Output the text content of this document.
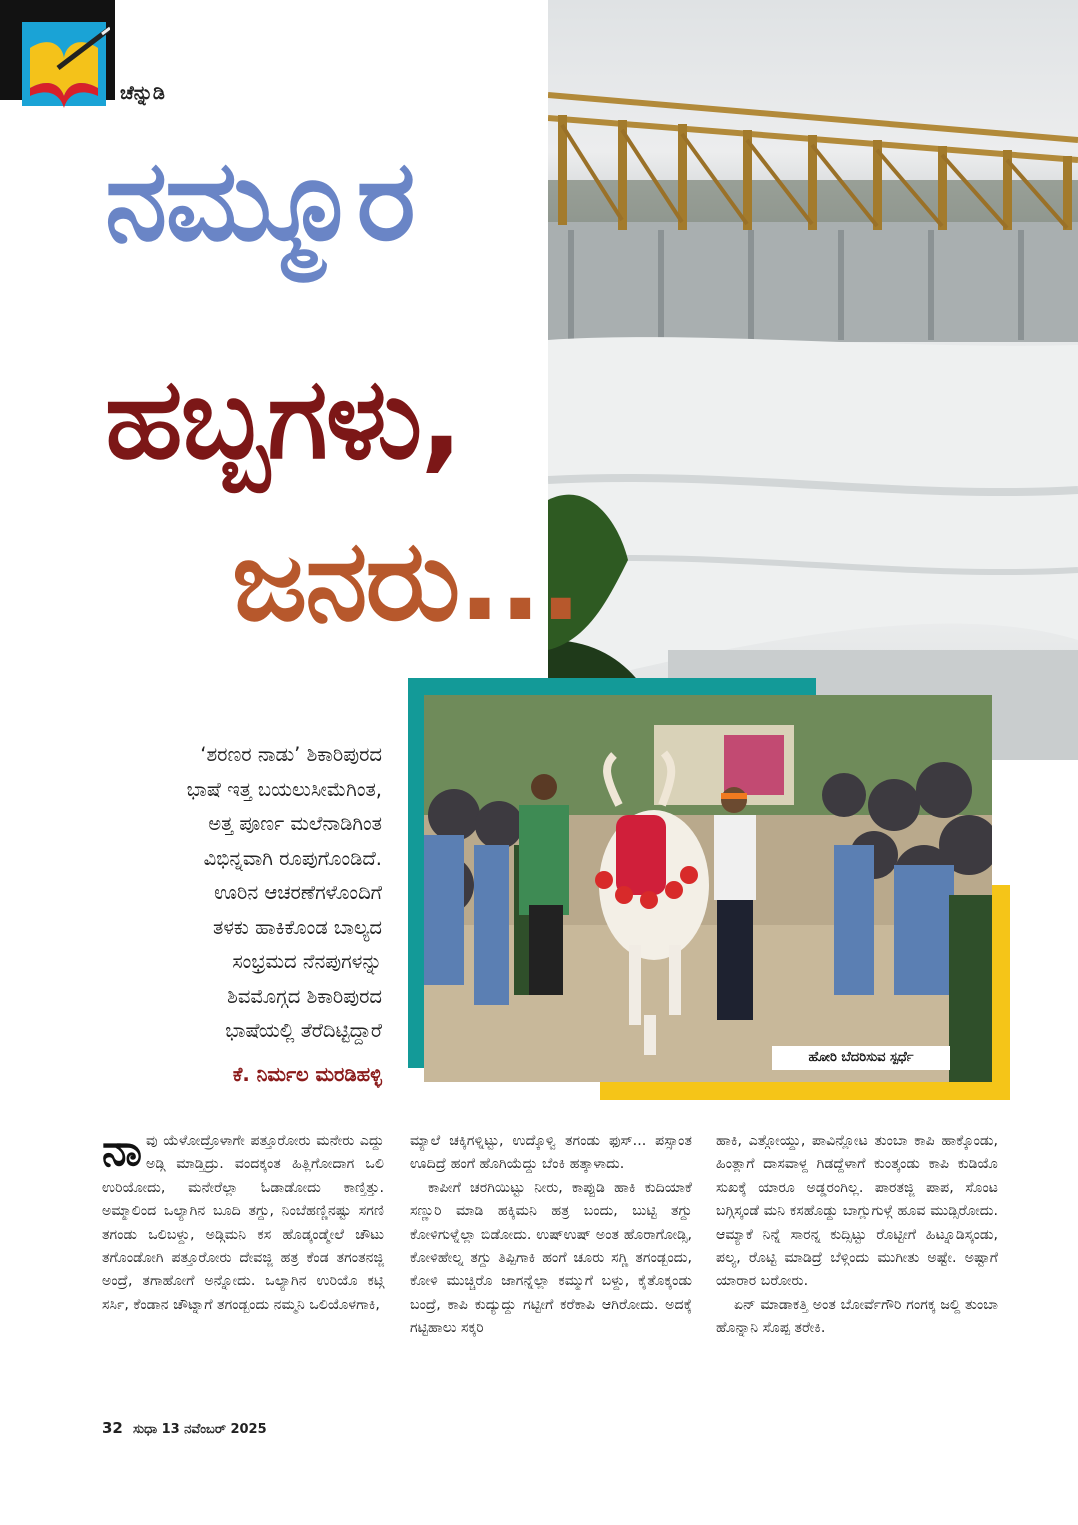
ಚೆನ್ನುಡಿ
ನಮ್ಮೂರ
ಹಬ್ಬಗಳು,
ಜನರು...
ಹೋರಿ ಬೆದರಿಸುವ ಸ್ಪರ್ಧೆ
‘ಶರಣರ ನಾಡು’ ಶಿಕಾರಿಪುರದ
ಭಾಷೆ ಇತ್ತ ಬಯಲುಸೀಮೆಗಿಂತ,
ಅತ್ತ ಪೂರ್ಣ ಮಲೆನಾಡಿಗಿಂತ
ವಿಭಿನ್ನವಾಗಿ ರೂಪುಗೊಂಡಿದೆ.
ಊರಿನ ಆಚರಣೆಗಳೊಂದಿಗೆ
ತಳಕು ಹಾಕಿಕೊಂಡ ಬಾಲ್ಯದ
ಸಂಭ್ರಮದ ನೆನಪುಗಳನ್ನು
ಶಿವಮೊಗ್ಗದ ಶಿಕಾರಿಪುರದ
ಭಾಷೆಯಲ್ಲಿ ತೆರೆದಿಟ್ಟಿದ್ದಾರೆ
ಕೆ. ನಿರ್ಮಲ ಮರಡಿಹಳ್ಳಿ

ನಾವು ಯೆಳೋದ್ರೊಳಾಗೇ ಪತ್ತೂರೋರು ಮನೇರು ಎದ್ದು ಅಡ್ಗಿ ಮಾಡ್ತಿದ್ರು. ವಂದಕ್ಕಂತ ಹಿತ್ಲಿಗೋದಾಗ ಒಲಿ ಉರಿಯೋದು, ಮನೇರೆಲ್ಲಾ ಓಡಾಡೋದು ಕಾಣ್ತಿತ್ತು. ಅಮ್ಮಾಲಿಂದ ಒಲ್ಯಾಗಿನ ಬೂದಿ ತಗ್ದು, ನಿಂಬೆಹಣ್ಣಿನಷ್ಟು ಸಗಣಿ ತಗಂಡು ಒಲಿಬಳ್ದು, ಅಡ್ಗಿಮನಿ ಕಸ ಹೊಡ್ಕಂಡ್ಮೇಲೆ ಚೌಟು ತಗೊಂಡೋಗಿ ಪತ್ತೂರೋರು ದೇವಜ್ಜಿ ಹತ್ರ ಕೆಂಡ ತಗಂತನಜ್ಜಿ ಅಂದ್ರೆ, ತಗಾಹೋಗೆ ಅನ್ನೋದು. ಒಲ್ಯಾಗಿನ ಉರಿಯೊ ಕಟ್ಗಿ ಸರ್ಸಿ, ಕೆಂಡಾನ ಚೌಟ್ನಾಗೆ ತಗಂಡ್ಬಂದು ನಮ್ಮನಿ ಒಲಿಯೊಳಗಾಕಿ,

ಮ್ಯಾಲೆ ಚಕ್ಕಿಗಳ್ನಿಟ್ಟು, ಉದ್ಕೊಳ್ವಿ ತಗಂಡು ಫುಸ್... ಪಸ್ಸಾಂತ ಊದಿದ್ರೆ ಹಂಗೆ ಹೊಗಿಯೆದ್ದು ಬೆಂಕಿ ಹತ್ಕಾಳಾದು.

ಕಾಪೀಗೆ ಚರಗಿಯಿಟ್ಟು ನೀರು, ಕಾಪ್ಪುಡಿ ಹಾಕಿ ಕುದಿಯಾಕೆ ಸಣ್ಣುರಿ ಮಾಡಿ ಹಕ್ಕಿಮನಿ ಹತ್ರ ಬಂದು, ಬುಟ್ಟಿ ತಗ್ದು ಕೋಳಿಗುಳ್ನೆಲ್ಲಾ ಬಿಡೋದು. ಉಷ್‌ಉಷ್ ಅಂತ ಹೊರಾಗೋಡ್ಸಿ, ಕೋಳಿಹೇಲ್ನ ತಗ್ದು ತಿಪ್ಪಿಗಾಕಿ ಹಂಗೆ ಚೂರು ಸಗ್ಣಿ ತಗಂಡ್ಬಂದು, ಕೋಳಿ ಮುಚ್ಚಿರೊ ಜಾಗನ್ನೆಲ್ಲಾ ಕಮ್ಮುಗೆ ಬಳ್ದು, ಕೈತೊಕ್ಕಂಡು ಬಂದ್ರೆ, ಕಾಪಿ ಕುದ್ಯುದ್ದು ಗಟ್ಟೀಗೆ ಕರೆಕಾಪಿ ಆಗಿರೋದು. ಅದಕ್ಕೆ ಗಟ್ಟಿಹಾಲು ಸಕ್ಕರಿ

ಹಾಕಿ, ಎತ್ಗೋಯ್ದು, ಪಾವಿನ್ಲೋಟ ತುಂಬಾ ಕಾಪಿ ಹಾಕ್ಕೊಂಡು, ಹಿಂತ್ಲಾಗೆ ದಾಸವಾಳ್ದ ಗಿಡದ್ದೆಳಾಗೆ ಕುಂತ್ಕಂಡು ಕಾಪಿ ಕುಡಿಯೊ ಸುಖಕ್ಕೆ ಯಾರೂ ಅಡ್ಡರಂಗಿಲ್ಲ. ಪಾರತಜ್ಜಿ ಪಾಪ, ಸೊಂಟ ಬಗ್ಗಿಸ್ಕಂಡೆ ಮನಿ ಕಸಹೊಡ್ದು ಬಾಗ್ಲುಗುಳ್ಗೆ ಹೂವ ಮುಡ್ಸಿರೋದು. ಆಮ್ಯಾಕೆ ನಿನ್ನೆ ಸಾರನ್ನ ಕುದ್ಸಿಟ್ಟು ರೊಟ್ಟೀಗೆ ಹಿಟ್ನೂಡಿಸ್ಕಂಡು, ಪಲ್ಯ, ರೊಟ್ಟಿ ಮಾಡಿದ್ರೆ ಬೆಳ್ಗಿಂದು ಮುಗೀತು ಅಷ್ಟೇ. ಅಷ್ಟಾಗೆ ಯಾರಾರ ಬರೋರು.

ಏನ್ ಮಾಡಾಕತ್ತಿ ಅಂತ ಬೋರ್ವೆಗೌರಿ ಗಂಗಕ್ಕ ಜಲ್ದಿ ತುಂಬಾ ಹೊನ್ನಾನಿ ಸೊಪ್ಪ ತರೇಕಿ.

32 ಸುಧಾ 13 ನವೆಂಬರ್ 2025
